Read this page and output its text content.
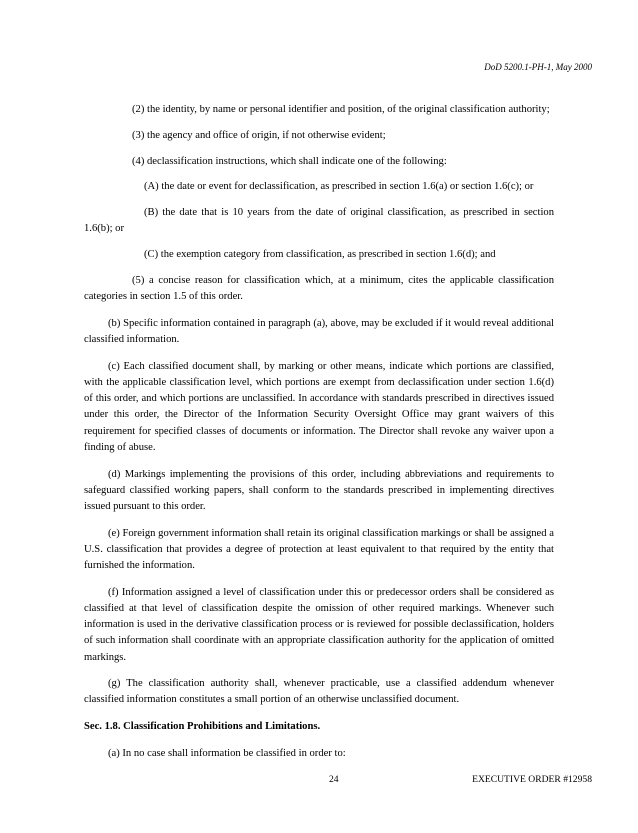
DoD 5200.1-PH-1, May 2000

(2) the identity, by name or personal identifier and position, of the original classification authority;

(3) the agency and office of origin, if not otherwise evident;

(4) declassification instructions, which shall indicate one of the following:

(A) the date or event for declassification, as prescribed in section 1.6(a) or section 1.6(c); or

(B) the date that is 10 years from the date of original classification, as prescribed in section 1.6(b); or

(C) the exemption category from classification, as prescribed in section 1.6(d); and

(5) a concise reason for classification which, at a minimum, cites the applicable classification categories in section 1.5 of this order.

(b) Specific information contained in paragraph (a), above, may be excluded if it would reveal additional classified information.

(c) Each classified document shall, by marking or other means, indicate which portions are classified, with the applicable classification level, which portions are exempt from declassification under section 1.6(d) of this order, and which portions are unclassified. In accordance with standards prescribed in directives issued under this order, the Director of the Information Security Oversight Office may grant waivers of this requirement for specified classes of documents or information. The Director shall revoke any waiver upon a finding of abuse.

(d) Markings implementing the provisions of this order, including abbreviations and requirements to safeguard classified working papers, shall conform to the standards prescribed in implementing directives issued pursuant to this order.

(e) Foreign government information shall retain its original classification markings or shall be assigned a U.S. classification that provides a degree of protection at least equivalent to that required by the entity that furnished the information.

(f) Information assigned a level of classification under this or predecessor orders shall be considered as classified at that level of classification despite the omission of other required markings. Whenever such information is used in the derivative classification process or is reviewed for possible declassification, holders of such information shall coordinate with an appropriate classification authority for the application of omitted markings.

(g) The classification authority shall, whenever practicable, use a classified addendum whenever classified information constitutes a small portion of an otherwise unclassified document.

Sec. 1.8. Classification Prohibitions and Limitations.

(a) In no case shall information be classified in order to:

24	EXECUTIVE ORDER #12958
